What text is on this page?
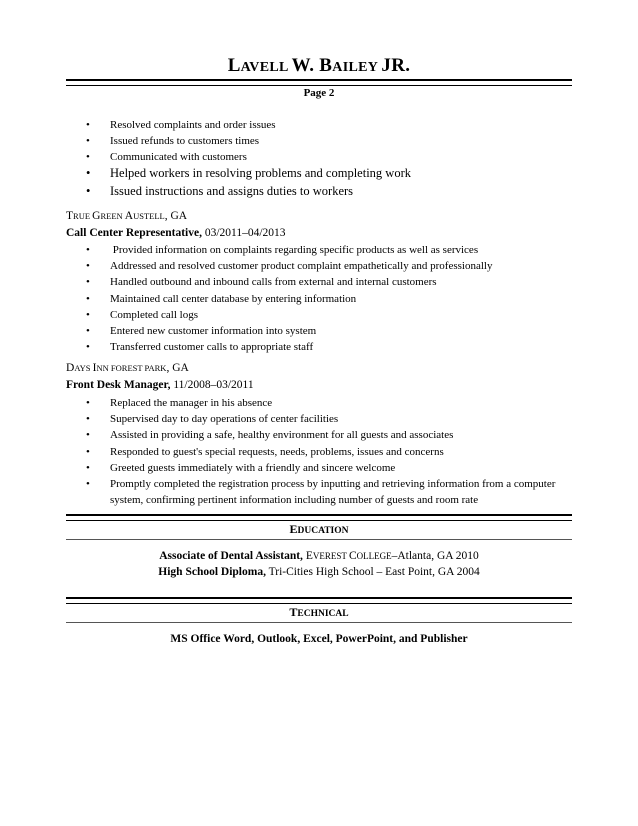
LAVELL W. BAILEY JR.
Page 2
• Resolved complaints and order issues
• Issued refunds to customers times
• Communicated with customers
• Helped workers in resolving problems and completing work
• Issued instructions and assigns duties to workers
TRUE GREEN AUSTELL, GA
Call Center Representative, 03/2011–04/2013
• Provided information on complaints regarding specific products as well as services
• Addressed and resolved customer product complaint empathetically and professionally
• Handled outbound and inbound calls from external and internal customers
• Maintained call center database by entering information
• Completed call logs
• Entered new customer information into system
• Transferred customer calls to appropriate staff
DAYS INN FOREST PARK, GA
Front Desk Manager, 11/2008–03/2011
• Replaced the manager in his absence
• Supervised day to day operations of center facilities
• Assisted in providing a safe, healthy environment for all guests and associates
• Responded to guest's special requests, needs, problems, issues and concerns
• Greeted guests immediately with a friendly and sincere welcome
• Promptly completed the registration process by inputting and retrieving information from a computer system, confirming pertinent information including number of guests and room rate
EDUCATION
Associate of Dental Assistant, EVEREST COLLEGE–Atlanta, GA 2010
High School Diploma, Tri-Cities High School – East Point, GA 2004
TECHNICAL
MS Office Word, Outlook, Excel, PowerPoint, and Publisher
